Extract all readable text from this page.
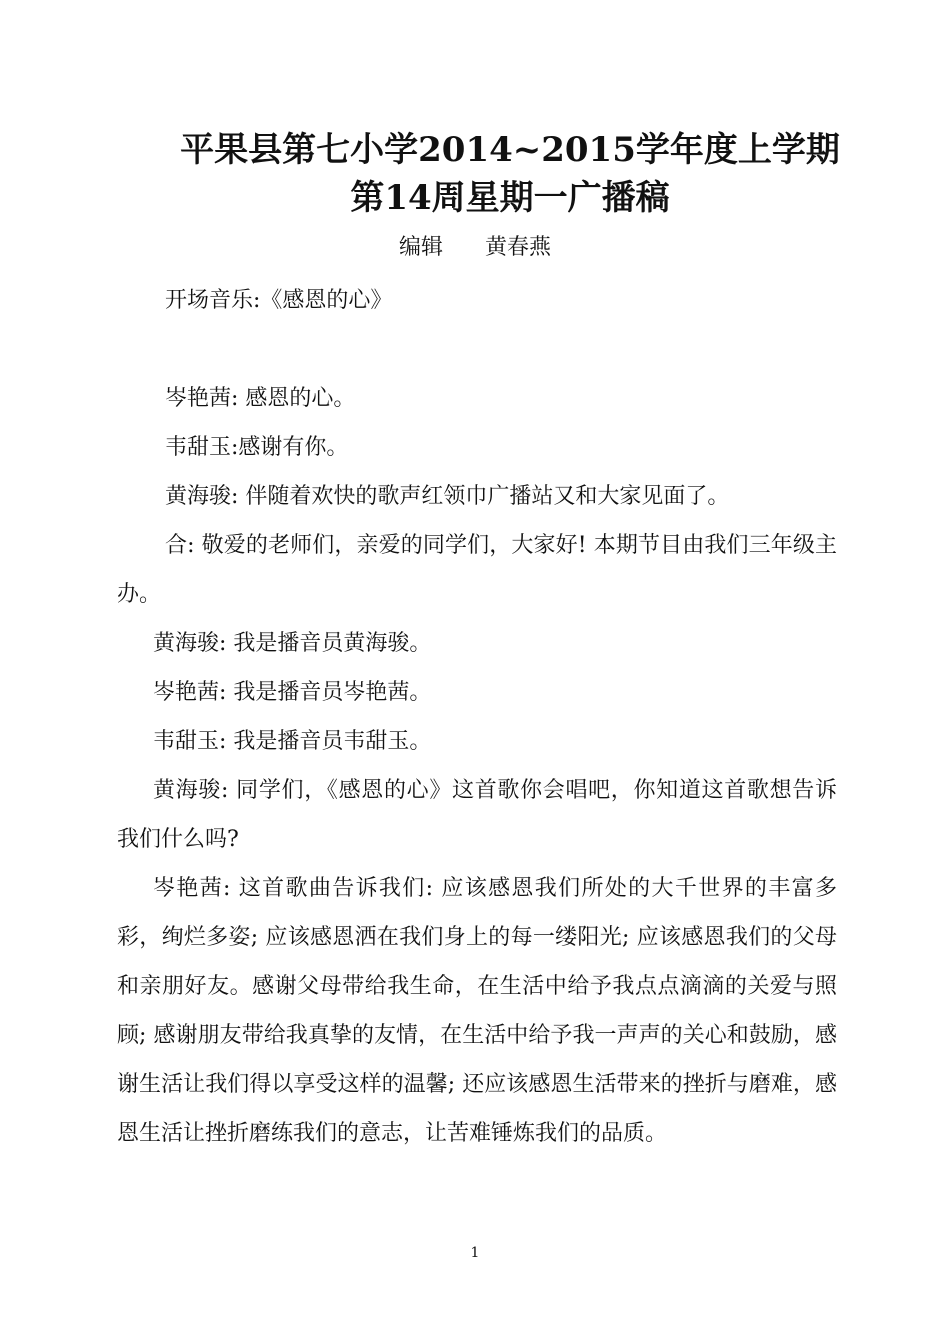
平果县第七小学2014~2015学年度上学期
第14周星期一广播稿
编辑      黄春燕
开场音乐:《感恩的心》
岑艳茜: 感恩的心。
韦甜玉:感谢有你。
黄海骏: 伴随着欢快的歌声红领巾广播站又和大家见面了。
合: 敬爱的老师们，亲爱的同学们，大家好! 本期节目由我们三年级主办。
黄海骏: 我是播音员黄海骏。
岑艳茜: 我是播音员岑艳茜。
韦甜玉: 我是播音员韦甜玉。
黄海骏: 同学们，《感恩的心》这首歌你会唱吧，你知道这首歌想告诉我们什么吗?
岑艳茜: 这首歌曲告诉我们: 应该感恩我们所处的大千世界的丰富多彩，绚烂多姿; 应该感恩洒在我们身上的每一缕阳光; 应该感恩我们的父母和亲朋好友。感谢父母带给我生命，在生活中给予我点点滴滴的关爱与照顾; 感谢朋友带给我真挚的友情，在生活中给予我一声声的关心和鼓励，感谢生活让我们得以享受这样的温馨; 还应该感恩生活带来的挫折与磨难，感恩生活让挫折磨练我们的意志，让苦难锤炼我们的品质。
1
